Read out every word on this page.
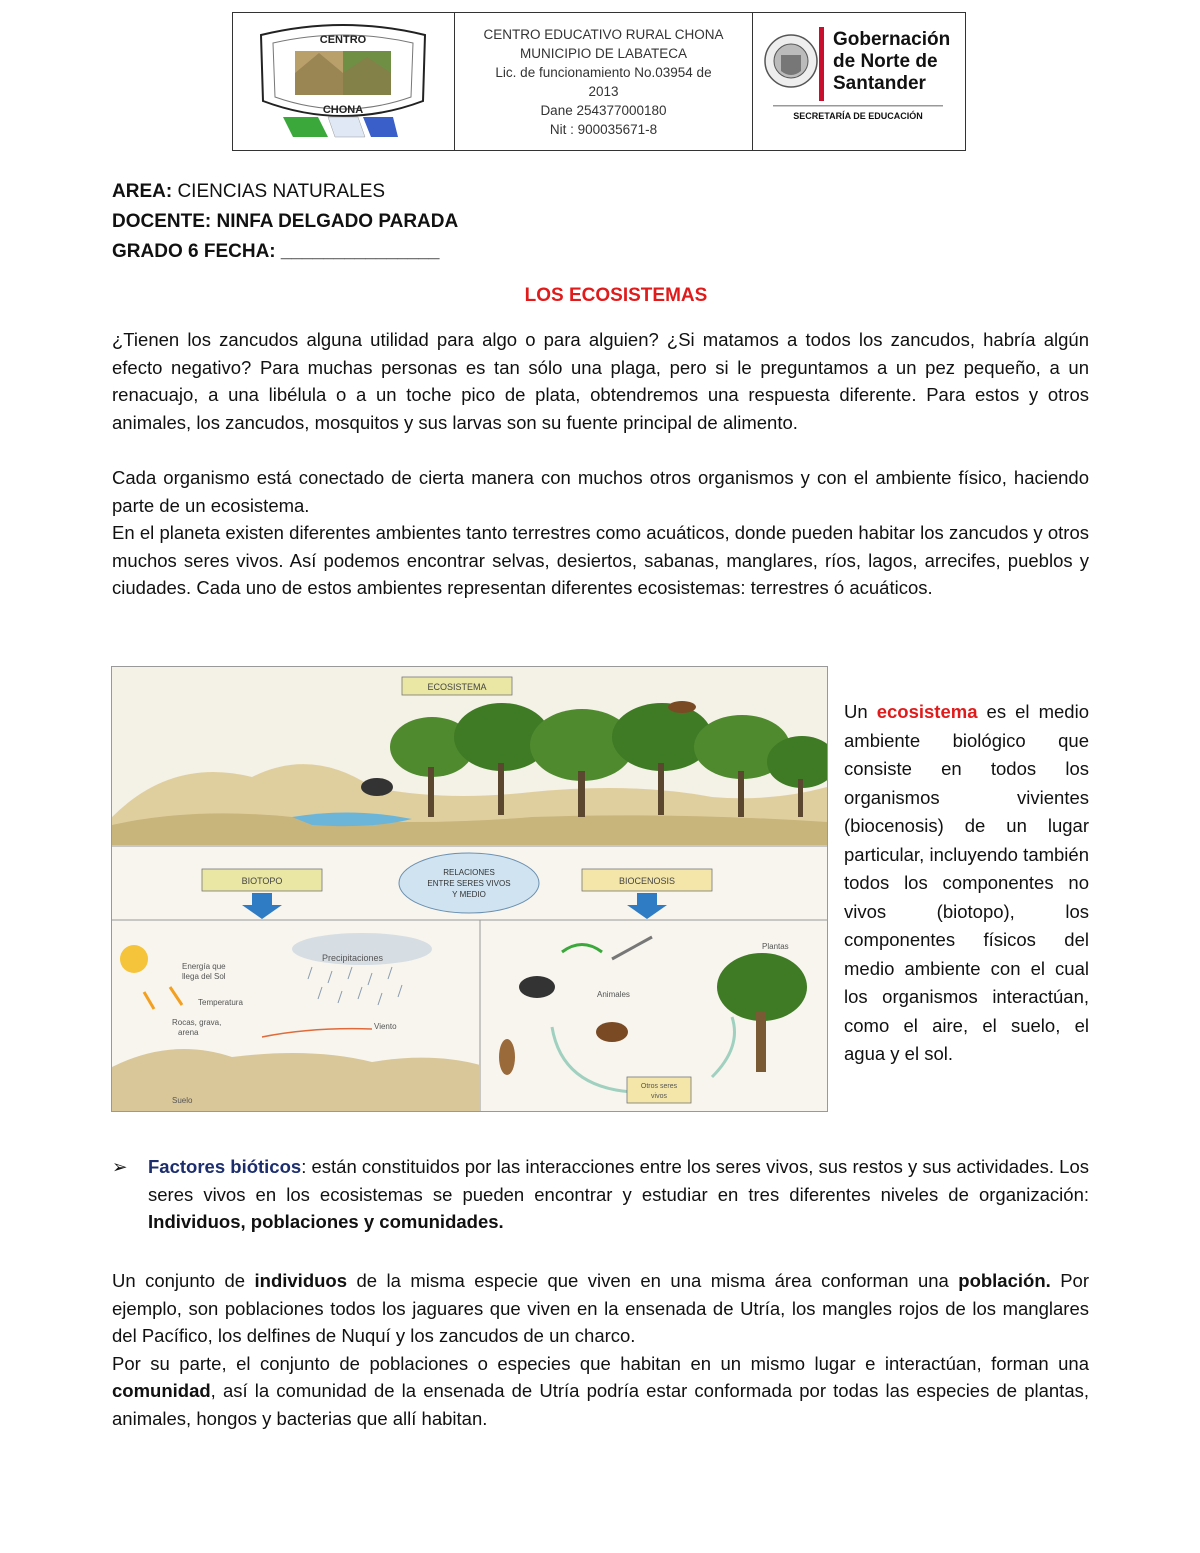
CENTRO
CHONA
CENTRO EDUCATIVO RURAL CHONA
MUNICIPIO DE LABATECA
Lic. de funcionamiento No.03954 de
2013
Dane 254377000180
Nit : 900035671-8
Gobernación
de Norte de
Santander
SECRETARÍA DE EDUCACIÓN
AREA: CIENCIAS NATURALES
DOCENTE: NINFA DELGADO PARADA
GRADO 6 FECHA: _______________
LOS ECOSISTEMAS

¿Tienen los zancudos alguna utilidad para algo o para alguien? ¿Si matamos a todos los zancudos, habría algún efecto negativo? Para muchas personas es tan sólo una plaga, pero si le preguntamos a un pez pequeño, a un renacuajo, a una libélula o a un toche pico de plata, obtendremos una respuesta diferente. Para estos y otros animales, los zancudos, mosquitos y sus larvas son su fuente principal de alimento.

Cada organismo está conectado de cierta manera con muchos otros organismos y con el ambiente físico, haciendo parte de un ecosistema.

En el planeta existen diferentes ambientes tanto terrestres como acuáticos, donde pueden habitar los zancudos y otros muchos seres vivos. Así podemos encontrar selvas, desiertos, sabanas, manglares, ríos, lagos, arrecifes, pueblos y ciudades. Cada uno de estos ambientes representan diferentes ecosistemas: terrestres ó acuáticos.

ECOSISTEMA
BIOTOPO	BIOCENOSIS
RELACIONES
ENTRE SERES VIVOS
Y MEDIO
Precipitaciones
Energía que
llega del Sol
Temperatura
Rocas, grava,
arena
Viento
Suelo
Plantas
Animales
Otros seres
vivos
Un ecosistema es el medio ambiente biológico que consiste en todos los organismos vivientes (biocenosis) de un lugar particular, incluyendo también todos los componentes no vivos (biotopo), los componentes físicos del medio ambiente con el cual los organismos interactúan, como el aire, el suelo, el agua y el sol.
➢ Factores bióticos: están constituidos por las interacciones entre los seres vivos, sus restos y sus actividades. Los seres vivos en los ecosistemas se pueden encontrar y estudiar en tres diferentes niveles de organización: Individuos, poblaciones y comunidades.

Un conjunto de individuos de la misma especie que viven en una misma área conforman una población. Por ejemplo, son poblaciones todos los jaguares que viven en la ensenada de Utría, los mangles rojos de los manglares del Pacífico, los delfines de Nuquí y los zancudos de un charco.

Por su parte, el conjunto de poblaciones o especies que habitan en un mismo lugar e interactúan, forman una comunidad, así la comunidad de la ensenada de Utría podría estar conformada por todas las especies de plantas, animales, hongos y bacterias que allí habitan.
